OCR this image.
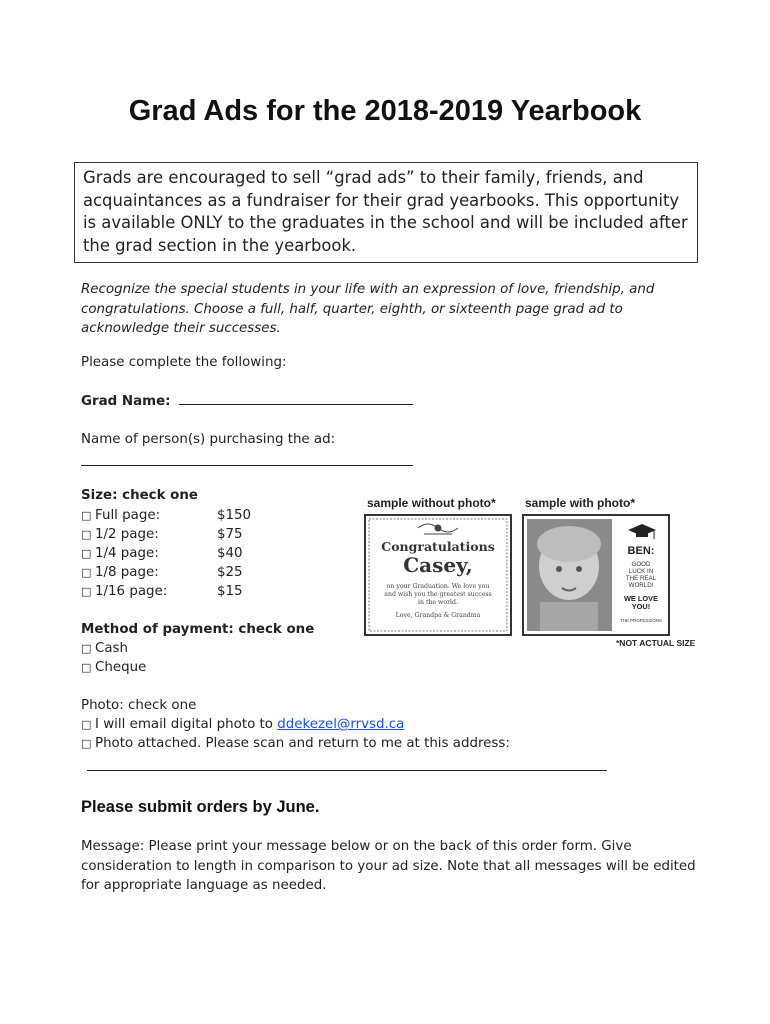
Grad Ads for the 2018-2019 Yearbook

Grads are encouraged to sell “grad ads” to their family, friends, and acquaintances as a fundraiser for their grad yearbooks. This opportunity is available ONLY to the graduates in the school and will be included after the grad section in the yearbook.

Recognize the special students in your life with an expression of love, friendship, and congratulations. Choose a full, half, quarter, eighth, or sixteenth page grad ad to acknowledge their successes.
Please complete the following:
Grad Name:
Name of person(s) purchasing the ad:
Size: check one
□ Full page:	$150
□ 1/2 page:	$75
□ 1/4 page:	$40
□ 1/8 page:	$25
□ 1/16 page:	$15
Method of payment: check one
□ Cash
□ Cheque
Photo: check one
□ I will email digital photo to ddekezel@rrvsd.ca
□ Photo attached. Please scan and return to me at this address:
Please submit orders by June.

Message: Please print your message below or on the back of this order form. Give consideration to length in comparison to your ad size. Note that all messages will be edited for appropriate language as needed.

sample without photo* sample with photo*
Congratulations
Casey,
on your Graduation. We love you
and wish you the greatest success
in the world.
Love, Grandpa & Grandma
BEN:
GOOD
LUCK IN
THE REAL
WORLD!
WE LOVE
YOU!
THE PROFESSIONS
*NOT ACTUAL SIZE
